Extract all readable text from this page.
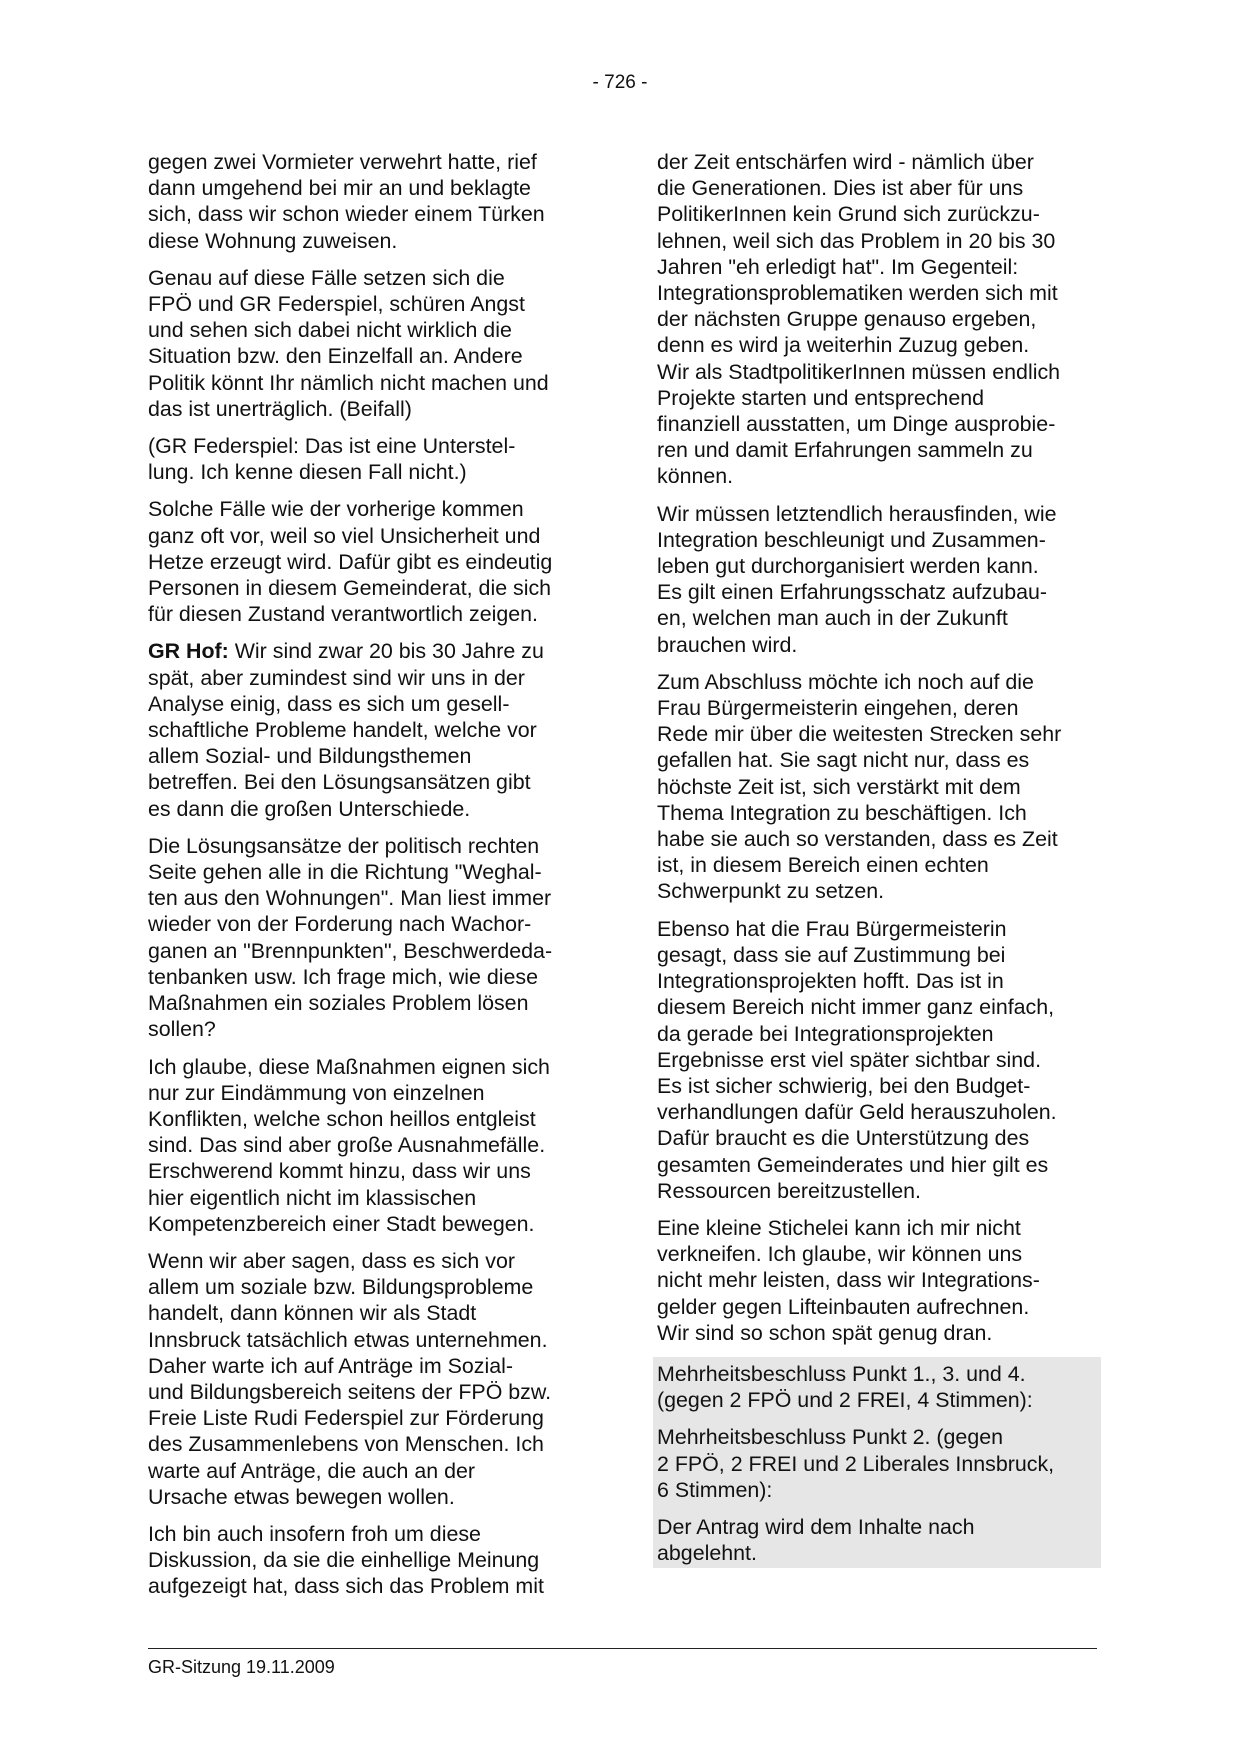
- 726 -

gegen zwei Vormieter verwehrt hatte, rief
dann umgehend bei mir an und beklagte
sich, dass wir schon wieder einem Türken
diese Wohnung zuweisen.

Genau auf diese Fälle setzen sich die
FPÖ und GR Federspiel, schüren Angst
und sehen sich dabei nicht wirklich die
Situation bzw. den Einzelfall an. Andere
Politik könnt Ihr nämlich nicht machen und
das ist unerträglich. (Beifall)

(GR Federspiel: Das ist eine Unterstel-
lung. Ich kenne diesen Fall nicht.)

Solche Fälle wie der vorherige kommen
ganz oft vor, weil so viel Unsicherheit und
Hetze erzeugt wird. Dafür gibt es eindeutig
Personen in diesem Gemeinderat, die sich
für diesen Zustand verantwortlich zeigen.

GR Hof: Wir sind zwar 20 bis 30 Jahre zu
spät, aber zumindest sind wir uns in der
Analyse einig, dass es sich um gesell-
schaftliche Probleme handelt, welche vor
allem Sozial- und Bildungsthemen
betreffen. Bei den Lösungsansätzen gibt
es dann die großen Unterschiede.

Die Lösungsansätze der politisch rechten
Seite gehen alle in die Richtung "Weghal-
ten aus den Wohnungen". Man liest immer
wieder von der Forderung nach Wachor-
ganen an "Brennpunkten", Beschwerdeda-
tenbanken usw. Ich frage mich, wie diese
Maßnahmen ein soziales Problem lösen
sollen?

Ich glaube, diese Maßnahmen eignen sich
nur zur Eindämmung von einzelnen
Konflikten, welche schon heillos entgleist
sind. Das sind aber große Ausnahmefälle.
Erschwerend kommt hinzu, dass wir uns
hier eigentlich nicht im klassischen
Kompetenzbereich einer Stadt bewegen.

Wenn wir aber sagen, dass es sich vor
allem um soziale bzw. Bildungsprobleme
handelt, dann können wir als Stadt
Innsbruck tatsächlich etwas unternehmen.
Daher warte ich auf Anträge im Sozial-
und Bildungsbereich seitens der FPÖ bzw.
Freie Liste Rudi Federspiel zur Förderung
des Zusammenlebens von Menschen. Ich
warte auf Anträge, die auch an der
Ursache etwas bewegen wollen.

Ich bin auch insofern froh um diese
Diskussion, da sie die einhellige Meinung
aufgezeigt hat, dass sich das Problem mit

der Zeit entschärfen wird - nämlich über
die Generationen. Dies ist aber für uns
PolitikerInnen kein Grund sich zurückzu-
lehnen, weil sich das Problem in 20 bis 30
Jahren "eh erledigt hat". Im Gegenteil:
Integrationsproblematiken werden sich mit
der nächsten Gruppe genauso ergeben,
denn es wird ja weiterhin Zuzug geben.
Wir als StadtpolitikerInnen müssen endlich
Projekte starten und entsprechend
finanziell ausstatten, um Dinge ausprobie-
ren und damit Erfahrungen sammeln zu
können.

Wir müssen letztendlich herausfinden, wie
Integration beschleunigt und Zusammen-
leben gut durchorganisiert werden kann.
Es gilt einen Erfahrungsschatz aufzubau-
en, welchen man auch in der Zukunft
brauchen wird.

Zum Abschluss möchte ich noch auf die
Frau Bürgermeisterin eingehen, deren
Rede mir über die weitesten Strecken sehr
gefallen hat. Sie sagt nicht nur, dass es
höchste Zeit ist, sich verstärkt mit dem
Thema Integration zu beschäftigen. Ich
habe sie auch so verstanden, dass es Zeit
ist, in diesem Bereich einen echten
Schwerpunkt zu setzen.

Ebenso hat die Frau Bürgermeisterin
gesagt, dass sie auf Zustimmung bei
Integrationsprojekten hofft. Das ist in
diesem Bereich nicht immer ganz einfach,
da gerade bei Integrationsprojekten
Ergebnisse erst viel später sichtbar sind.
Es ist sicher schwierig, bei den Budget-
verhandlungen dafür Geld herauszuholen.
Dafür braucht es die Unterstützung des
gesamten Gemeinderates und hier gilt es
Ressourcen bereitzustellen.

Eine kleine Stichelei kann ich mir nicht
verkneifen. Ich glaube, wir können uns
nicht mehr leisten, dass wir Integrations-
gelder gegen Lifteinbauten aufrechnen.
Wir sind so schon spät genug dran.

Mehrheitsbeschluss Punkt 1., 3. und 4.
(gegen 2 FPÖ und 2 FREI, 4 Stimmen):

Mehrheitsbeschluss Punkt 2. (gegen
2 FPÖ, 2 FREI und 2 Liberales Innsbruck,
6 Stimmen):

Der Antrag wird dem Inhalte nach
abgelehnt.

GR-Sitzung 19.11.2009
